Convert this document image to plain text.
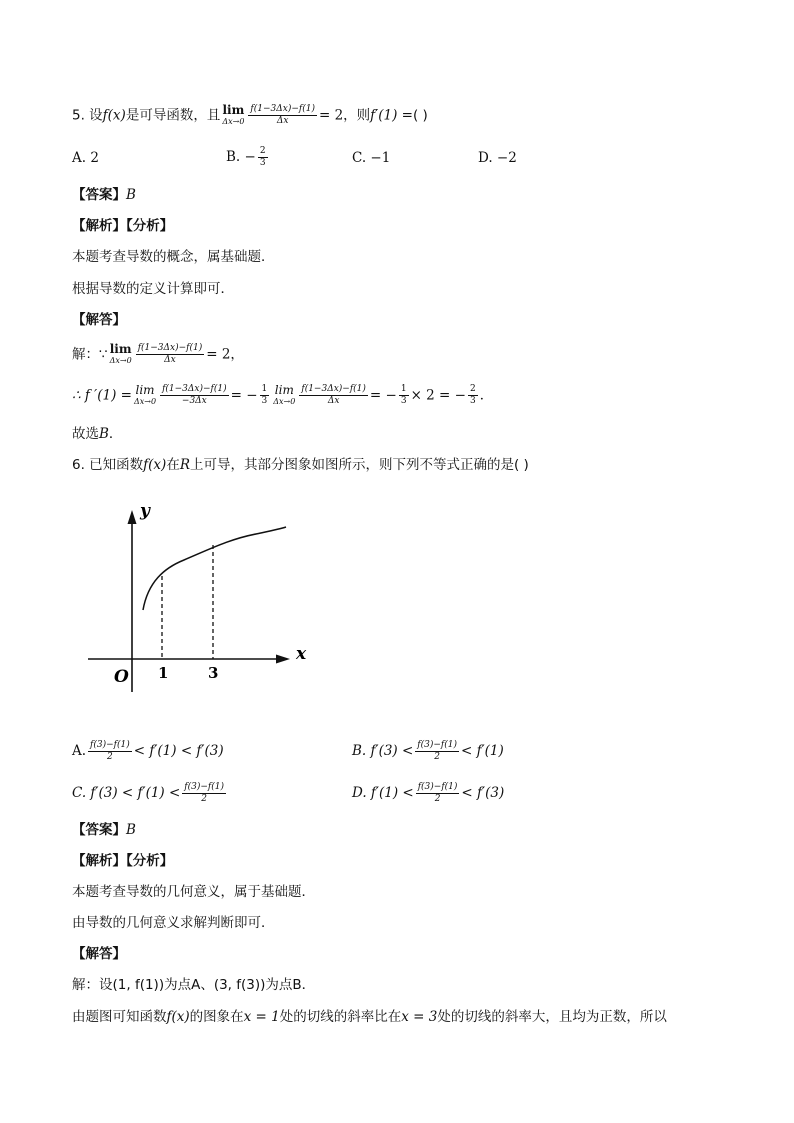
5. 设f(x)是可导函数，且 lim
$\Delta x\to 0 \frac{f(1-3\Delta x)-f(1)}{\Delta x} = 2$，则f′(1) =( )
A. 2	B. − $\frac{2}{3}$	C. −1	D. −2
【答案】B
【解析】【分析】
本题考查导数的概念，属基础题．
根据导数的定义计算即可．
【解答】
解：∵ lim
$\Delta x\to 0 \frac{f(1-3\Delta x)-f(1)}{\Delta x} = 2$，
∴ f ′(1) = lim
$\Delta x\to 0 \frac{f(1-3\Delta x)-f(1)}{-3\Delta x}$ = − $\frac{1}{3}$ lim
$\Delta x\to 0 \frac{f(1-3\Delta x)-f(1)}{\Delta x}$ = − $\frac{1}{3} \times 2$ = − $\frac{2}{3}$ ．
故选B．
6. 已知函数f(x)在R上可导，其部分图象如图所示，则下列不等式正确的是( )
y
x
O 1	3
A. $\frac{f(3)-f(1)}{2} < f'(1) < f'(3)$	B. $f'(3) < \frac{f(3)-f(1)}{2} < f'(1)$
C. $f'(3) < f'(1) < \frac{f(3)-f(1)}{2}$	D. $f'(1) < \frac{f(3)-f(1)}{2} < f'(3)$
【答案】B
【解析】【分析】
本题考查导数的几何意义，属于基础题．
由导数的几何意义求解判断即可．
【解答】
解：设(1, f(1))为点A、(3, f(3))为点B．
由题图可知函数f(x)的图象在x = 1处的切线的斜率比在x = 3处的切线的斜率大，且均为正数，所以
